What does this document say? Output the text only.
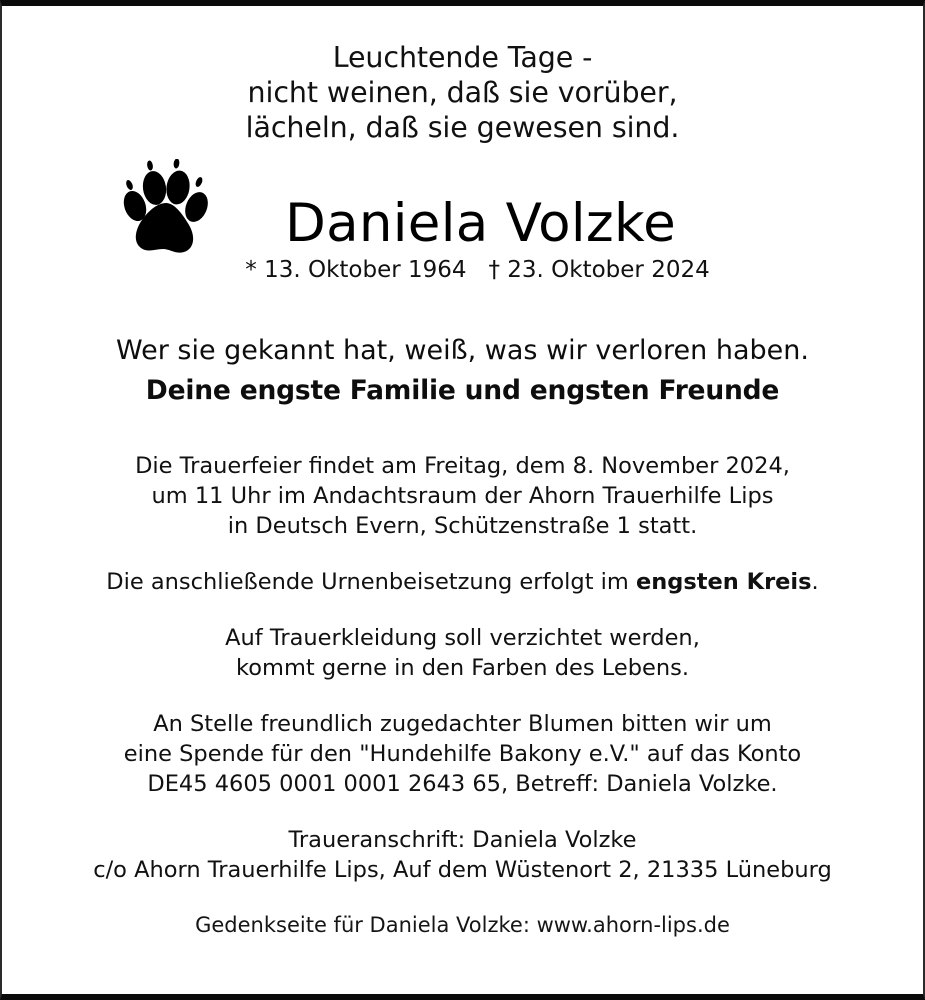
Leuchtende Tage -
nicht weinen, daß sie vorüber,
lächeln, daß sie gewesen sind.
Daniela Volzke

* 13. Oktober 1964   † 23. Oktober 2024

Wer sie gekannt hat, weiß, was wir verloren haben.
Deine engste Familie und engsten Freunde

Die Trauerfeier findet am Freitag, dem 8. November 2024,
um 11 Uhr im Andachtsraum der Ahorn Trauerhilfe Lips
in Deutsch Evern, Schützenstraße 1 statt.

Die anschließende Urnenbeisetzung erfolgt im engsten Kreis.

Auf Trauerkleidung soll verzichtet werden,
kommt gerne in den Farben des Lebens.

An Stelle freundlich zugedachter Blumen bitten wir um
eine Spende für den "Hundehilfe Bakony e.V." auf das Konto
DE45 4605 0001 0001 2643 65, Betreff: Daniela Volzke.

Traueranschrift: Daniela Volzke
c/o Ahorn Trauerhilfe Lips, Auf dem Wüstenort 2, 21335 Lüneburg

Gedenkseite für Daniela Volzke: www.ahorn-lips.de
